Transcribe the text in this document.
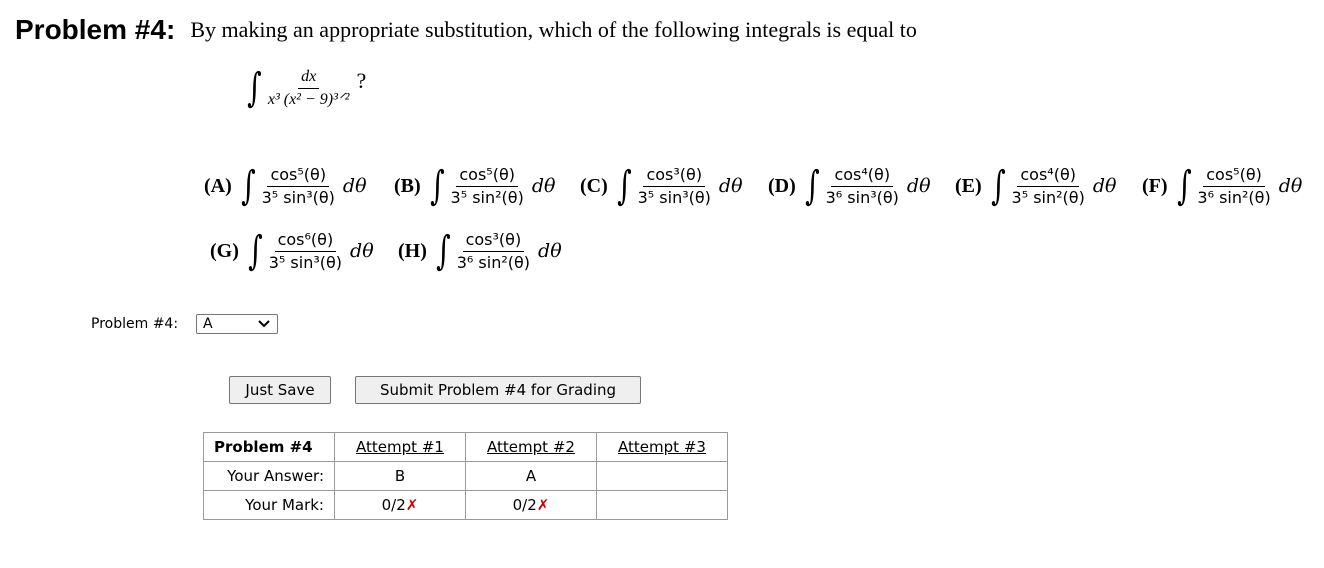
Problem #4: By making an appropriate substitution, which of the following integrals is equal to
∫ $\frac{dx}{\text{x³ (x² − 9)³ᐟ²}}$ ?
(A) ∫ $\frac{\text{cos⁵(θ)}}{\text{3⁵ sin³(θ)}}$ dθ (B) ∫ $\frac{\text{cos⁵(θ)}}{\text{3⁵ sin²(θ)}}$ dθ (C) ∫ $\frac{\text{cos³(θ)}}{\text{3⁵ sin³(θ)}}$ dθ (D) ∫ $\frac{\text{cos⁴(θ)}}{\text{3⁶ sin³(θ)}}$ dθ (E) ∫ $\frac{\text{cos⁴(θ)}}{\text{3⁵ sin²(θ)}}$ dθ (F) ∫ $\frac{\text{cos⁵(θ)}}{\text{3⁶ sin²(θ)}}$ dθ
(G) ∫ $\frac{\text{cos⁶(θ)}}{\text{3⁵ sin³(θ)}}$ dθ (H) ∫ $\frac{\text{cos³(θ)}}{\text{3⁶ sin²(θ)}}$ dθ
Problem #4: A
Just Save	Submit Problem #4 for Grading
Problem #4	Attempt #1	Attempt #2	Attempt #3
Your Answer:	B	A	
Your Mark:	0/2✗	0/2✗	
